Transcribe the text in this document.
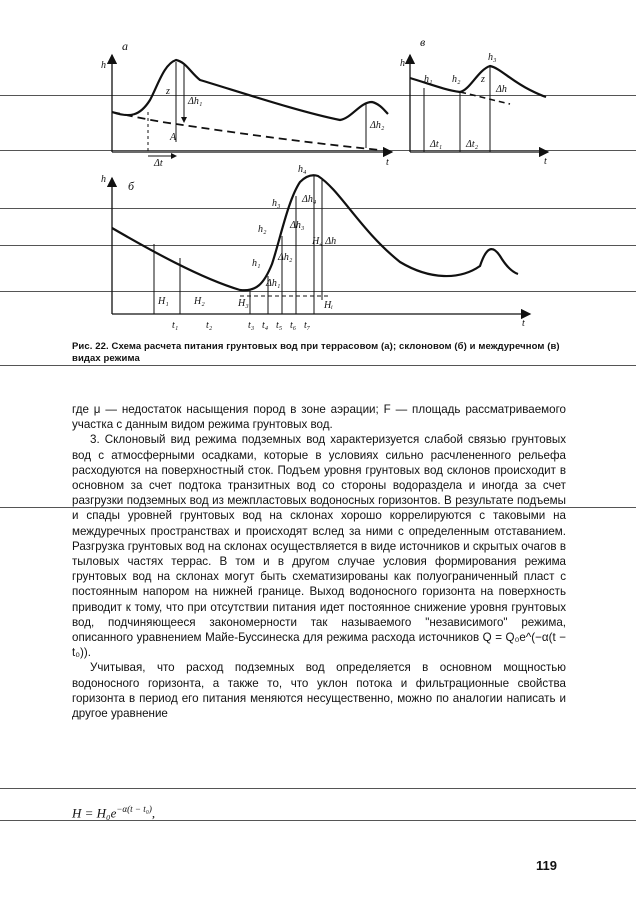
а
h
t
Δh₁
z
A
Δh₂
Δt
в
h
t
h₁ h₂
h₃
z
Δh
Δt₁ Δt₂
б
h
t
h₁
h₂
h₃
h₄
Δh₁
Δh₂
Δh₃
Δh₄
H₄ Δh
H₁	H₂	H₃	Hᵢ
t₁	t₂	t₃ t₄ t₅ t₆ t₇
Рис. 22. Схема расчета питания грунтовых вод при террасовом (а); склоновом (б) и междуречном (в) видах режима

где μ — недостаток насыщения пород в зоне аэрации; F — площадь рассматриваемого участка с данным видом режима грунтовых вод.

3. Склоновый вид режима подземных вод характеризуется слабой связью грунтовых вод с атмосферными осадками, которые в условиях сильно расчлененного рельефа расходуются на поверхностный сток. Подъем уровня грунтовых вод склонов происходит в основном за счет подтока транзитных вод со стороны водораздела и иногда за счет разгрузки подземных вод из межпластовых водоносных горизонтов. В результате подъемы и спады уровней грунтовых вод на склонах хорошо коррелируются с таковыми на междуречных пространствах и происходят вслед за ними с определенным отставанием. Разгрузка грунтовых вод на склонах осуществляется в виде источников и скрытых очагов в тыловых частях террас. В том и в другом случае условия формирования режима грунтовых вод на склонах могут быть схематизированы как полуограниченный пласт с постоянным напором на нижней границе. Выход водоносного горизонта на поверхность приводит к тому, что при отсутствии питания идет постоянное снижение уровня грунтовых вод, подчиняющееся закономерности так называемого "независимого" режима, описанного уравнением Майе-Буссинеска для режима расхода источников Q = Q₀e^(−α(t − t₀)).

Учитывая, что расход подземных вод определяется в основном мощностью водоносного горизонта, а также то, что уклон потока и фильтрационные свойства горизонта в период его питания меняются несущественно, можно по аналогии написать и другое уравнение

$H = H_0e^{-\alpha(t - t_0)}$,
119
